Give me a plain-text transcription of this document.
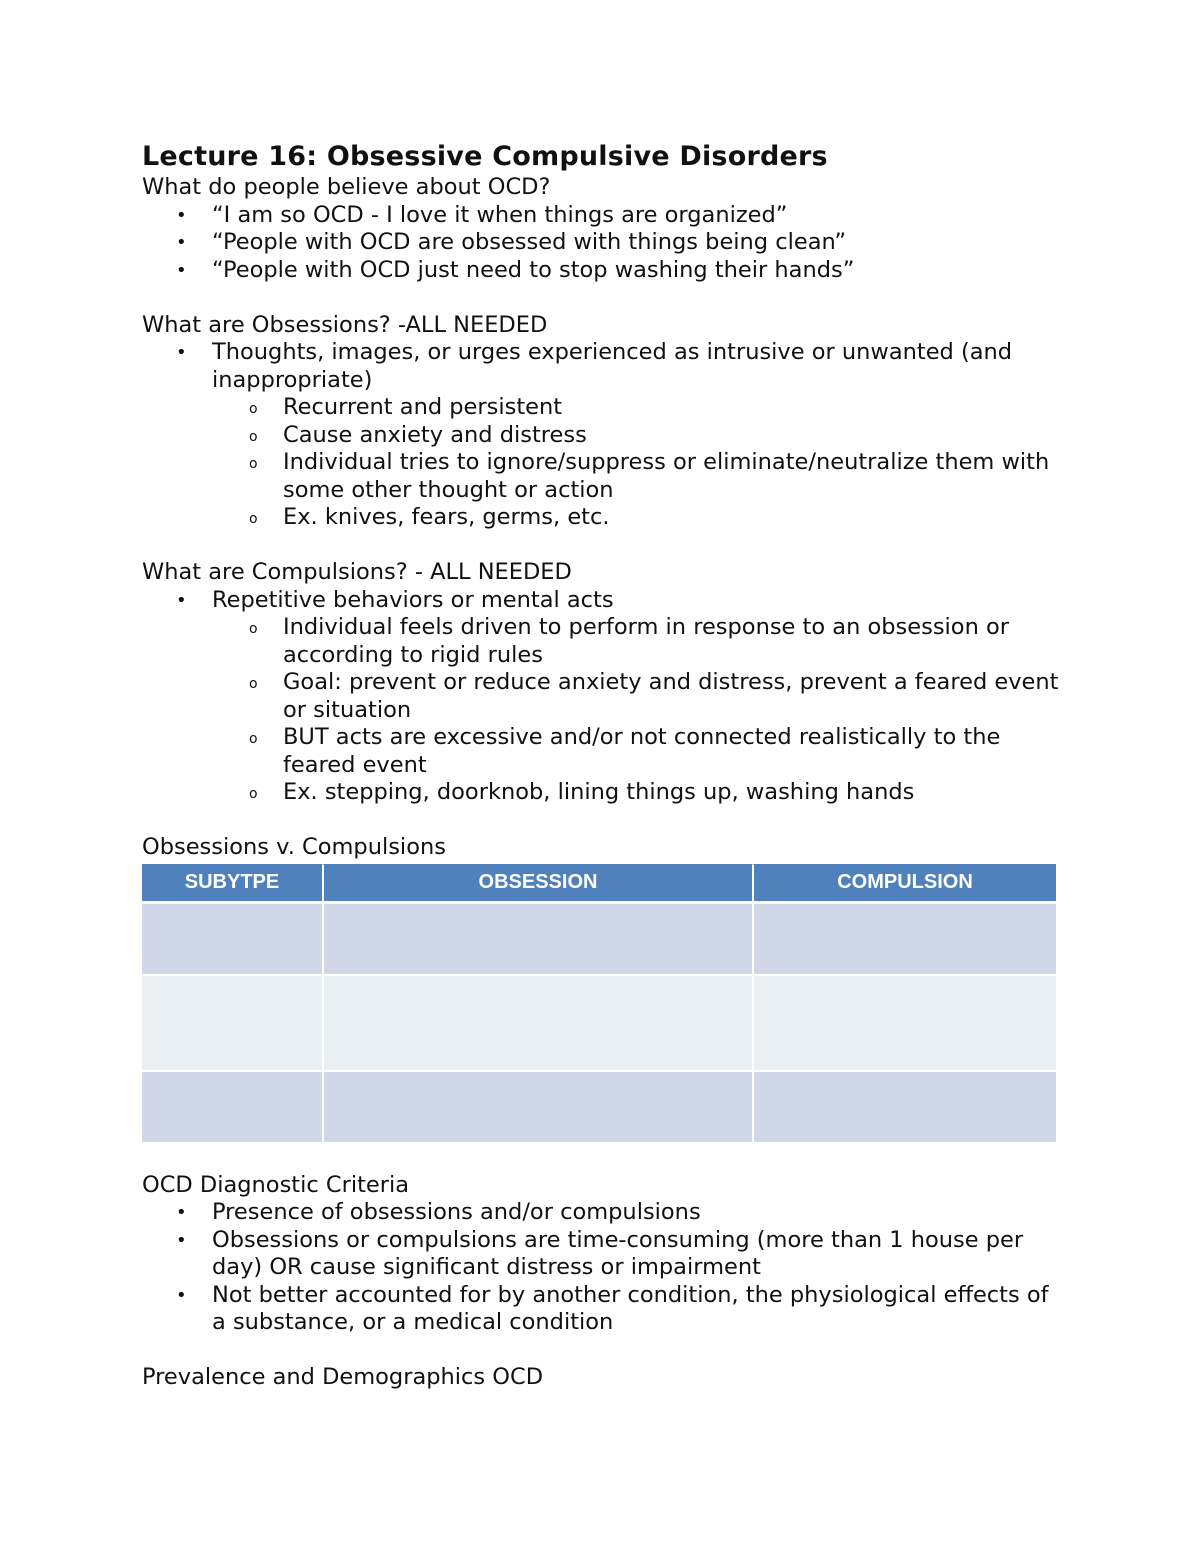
Lecture 16: Obsessive Compulsive Disorders
What do people believe about OCD?
• “I am so OCD - I love it when things are organized”
• “People with OCD are obsessed with things being clean”
• “People with OCD just need to stop washing their hands”
What are Obsessions? -ALL NEEDED
• Thoughts, images, or urges experienced as intrusive or unwanted (and inappropriate)
o Recurrent and persistent
o Cause anxiety and distress
o Individual tries to ignore/suppress or eliminate/neutralize them with some other thought or action
o Ex. knives, fears, germs, etc.
What are Compulsions? - ALL NEEDED
• Repetitive behaviors or mental acts
o Individual feels driven to perform in response to an obsession or according to rigid rules
o Goal: prevent or reduce anxiety and distress, prevent a feared event or situation
o BUT acts are excessive and/or not connected realistically to the feared event
o Ex. stepping, doorknob, lining things up, washing hands
Obsessions v. Compulsions
SUBYTPE	OBSESSION	COMPULSION

OCD Diagnostic Criteria
• Presence of obsessions and/or compulsions
• Obsessions or compulsions are time-consuming (more than 1 house per day) OR cause significant distress or impairment
• Not better accounted for by another condition, the physiological effects of a substance, or a medical condition
Prevalence and Demographics OCD
